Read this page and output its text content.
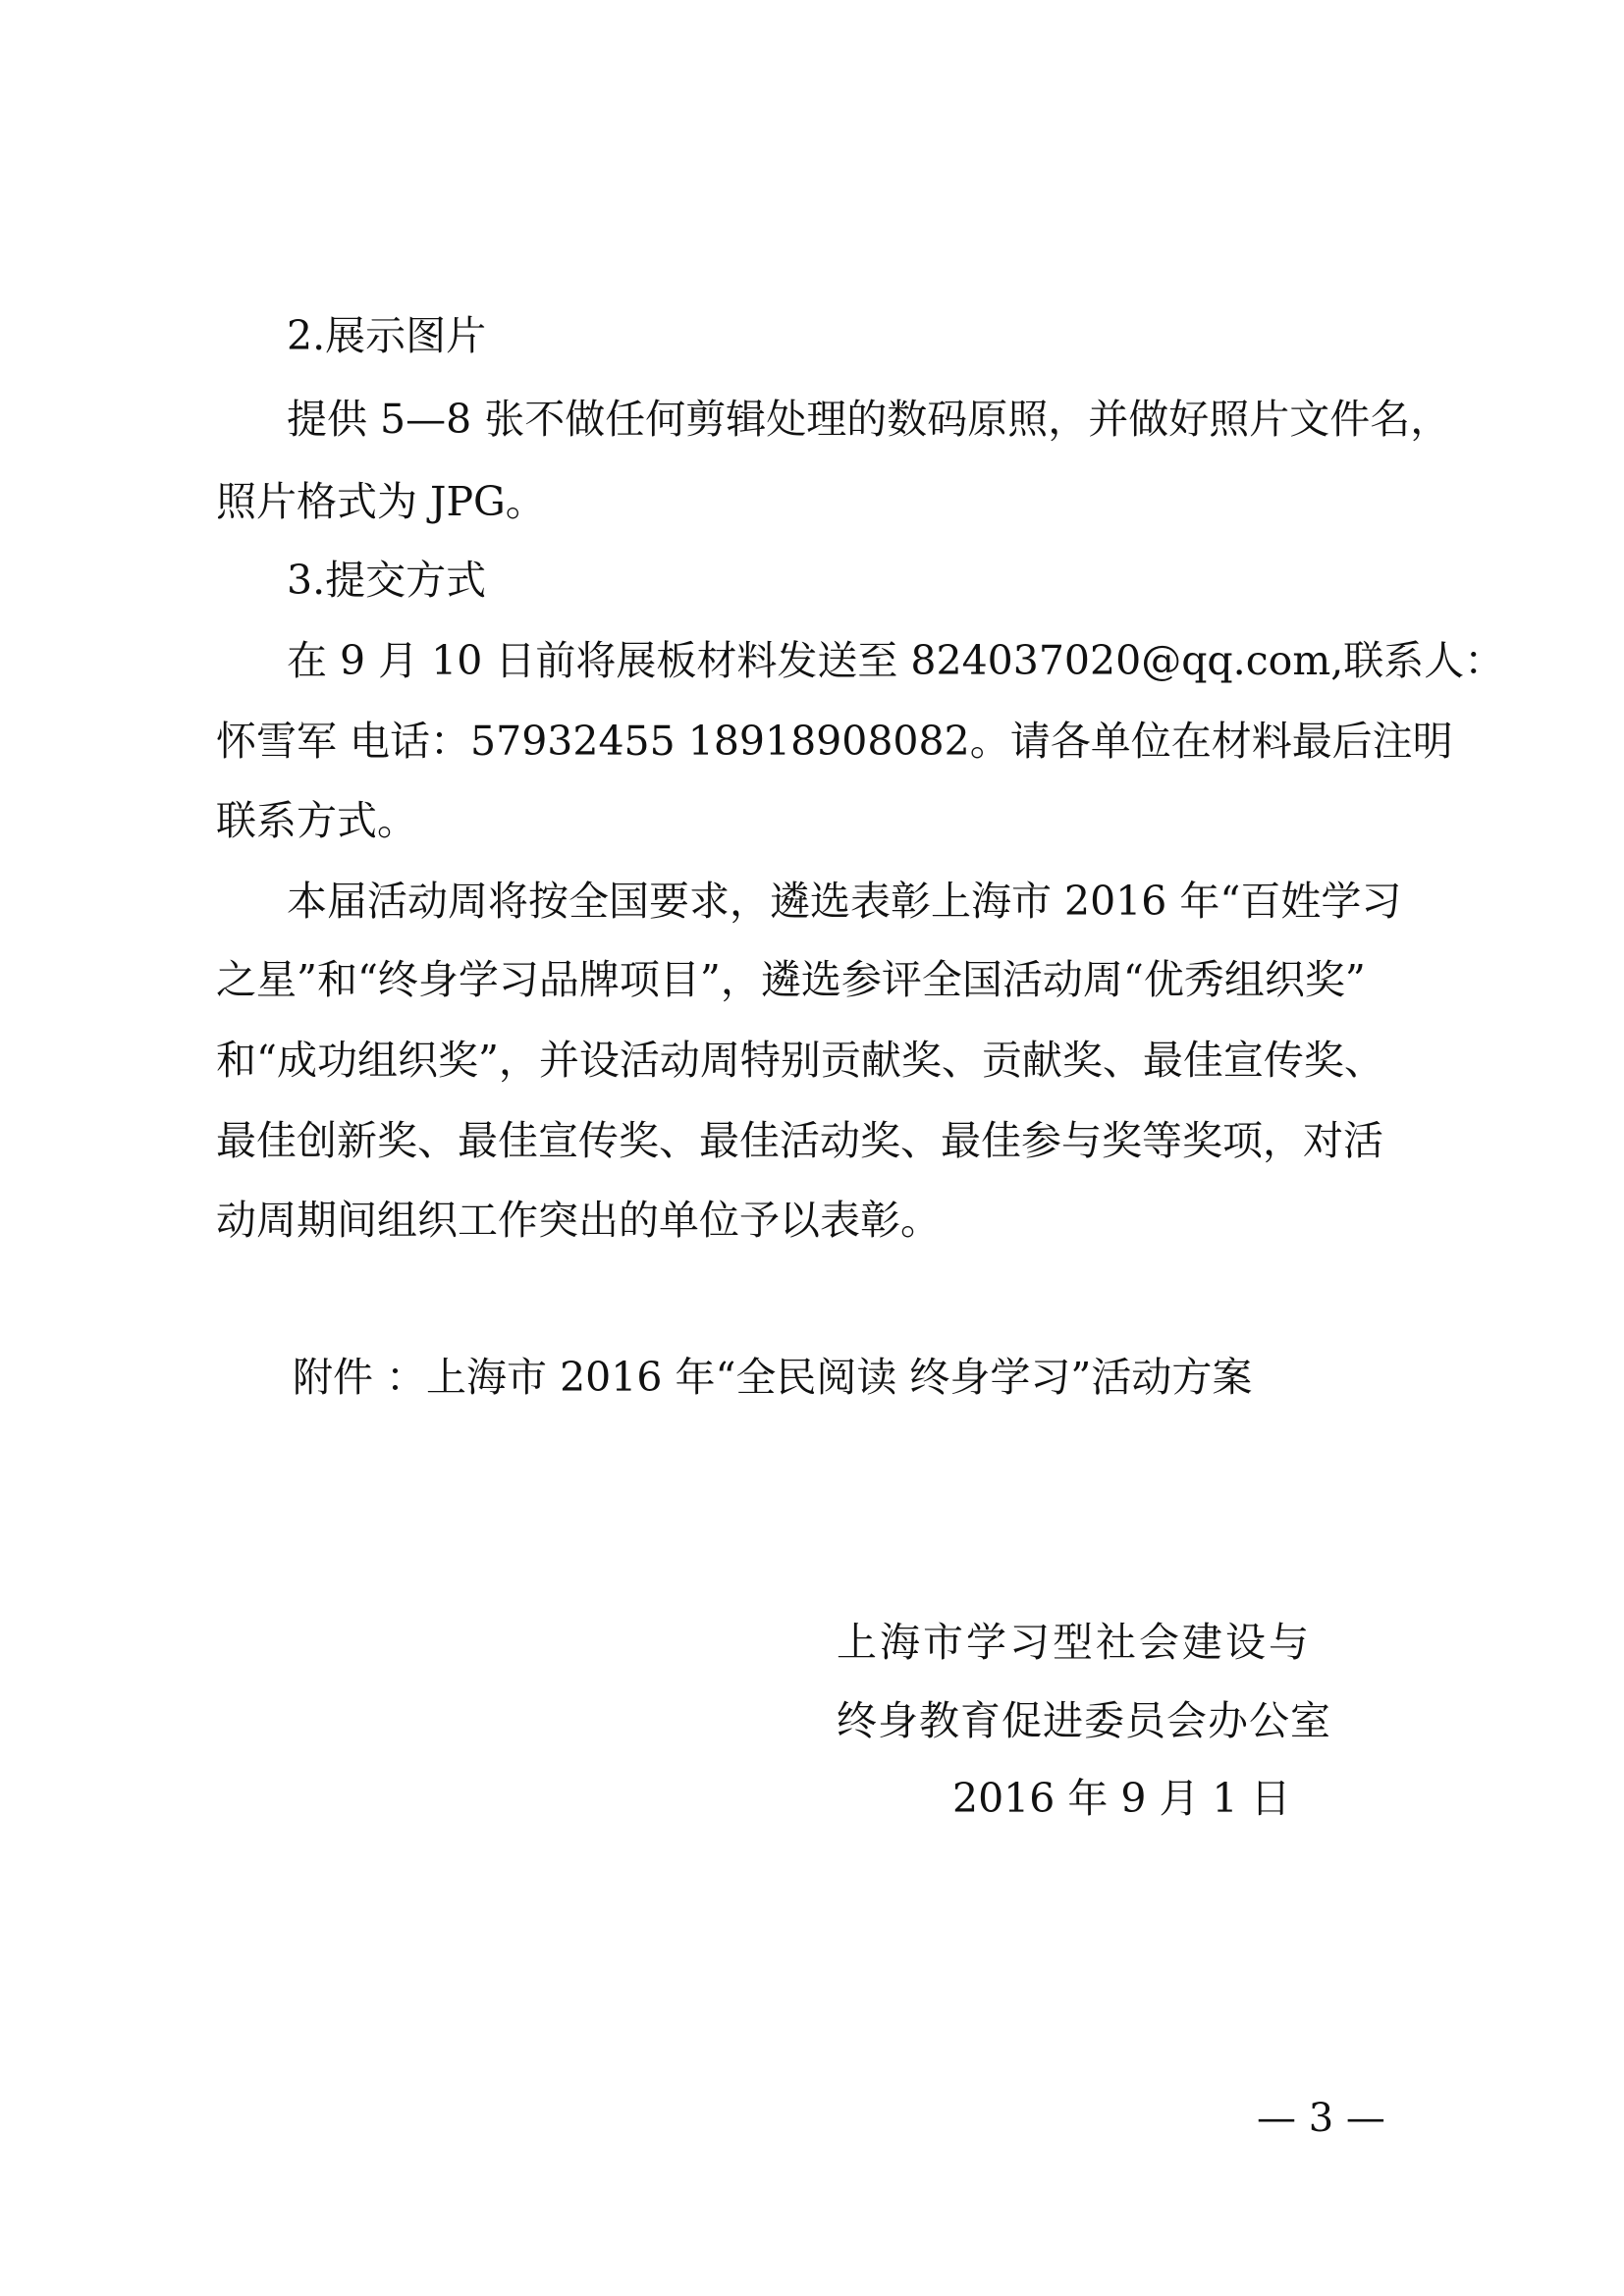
2.展示图片
提供 5—8 张不做任何剪辑处理的数码原照，并做好照片文件名，
照片格式为 JPG。
3.提交方式
在 9 月 10 日前将展板材料发送至 824037020@qq.com,联系人：
怀雪军 电话：57932455 18918908082。请各单位在材料最后注明
联系方式。
本届活动周将按全国要求，遴选表彰上海市 2016 年“百姓学习
之星”和“终身学习品牌项目”，遴选参评全国活动周“优秀组织奖”
和“成功组织奖”，并设活动周特别贡献奖、贡献奖、最佳宣传奖、
最佳创新奖、最佳宣传奖、最佳活动奖、最佳参与奖等奖项，对活
动周期间组织工作突出的单位予以表彰。
附件 ：上海市 2016 年“全民阅读 终身学习”活动方案
上海市学习型社会建设与
终身教育促进委员会办公室
2016 年 9 月 1 日
— 3 —
